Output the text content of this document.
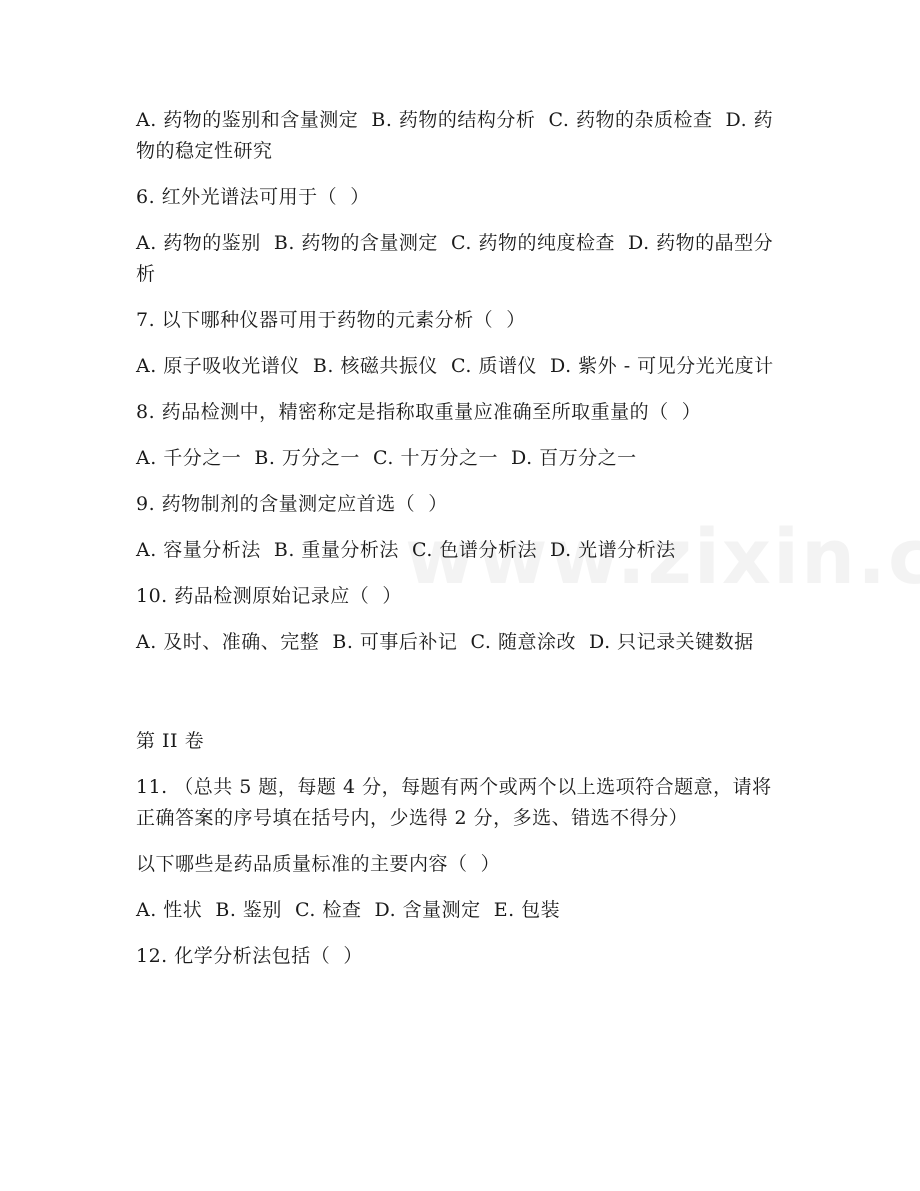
A. 药物的鉴别和含量测定  B. 药物的结构分析  C. 药物的杂质检查  D. 药物的稳定性研究

6. 红外光谱法可用于（  ）

A. 药物的鉴别  B. 药物的含量测定  C. 药物的纯度检查  D. 药物的晶型分析

7. 以下哪种仪器可用于药物的元素分析（  ）

A. 原子吸收光谱仪  B. 核磁共振仪  C. 质谱仪  D. 紫外 - 可见分光光度计

8. 药品检测中，精密称定是指称取重量应准确至所取重量的（  ）

A. 千分之一  B. 万分之一  C. 十万分之一  D. 百万分之一

9. 药物制剂的含量测定应首选（  ）

A. 容量分析法  B. 重量分析法  C. 色谱分析法  D. 光谱分析法

10. 药品检测原始记录应（  ）

A. 及时、准确、完整  B. 可事后补记  C. 随意涂改  D. 只记录关键数据

第 II 卷

11. （总共 5 题，每题 4 分，每题有两个或两个以上选项符合题意，请将正确答案的序号填在括号内，少选得 2 分，多选、错选不得分）

以下哪些是药品质量标准的主要内容（  ）

A. 性状  B. 鉴别  C. 检查  D. 含量测定  E. 包装

12. 化学分析法包括（  ）
